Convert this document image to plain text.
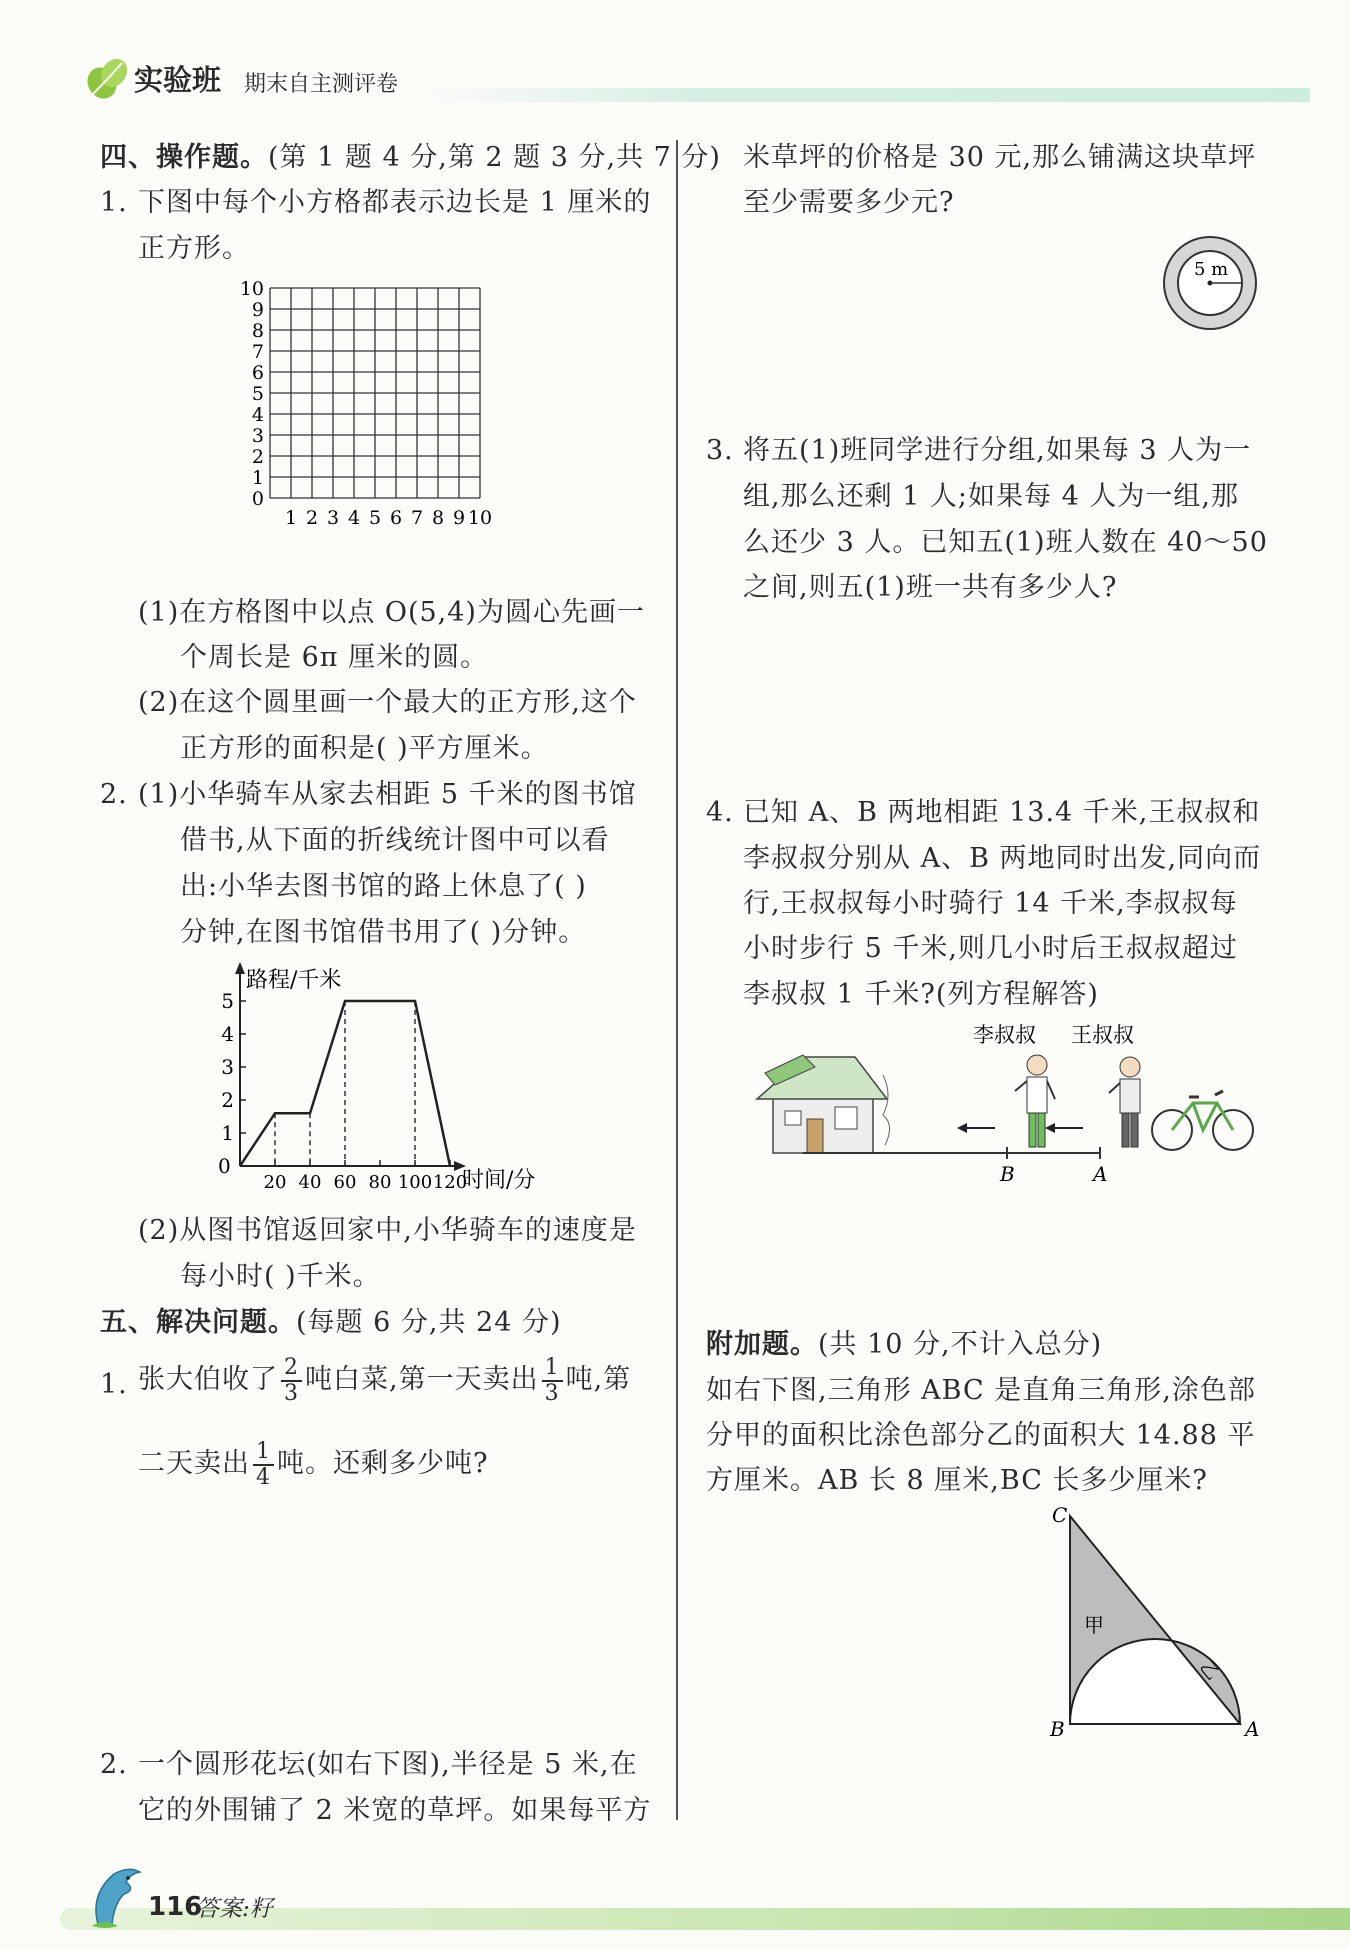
实验班 期末自主测评卷
四、操作题。(第 1 题 4 分,第 2 题 3 分,共 7 分)
1. 下图中每个小方格都表示边长是 1 厘米的
正方形。
10
9
8
7
6
5
4
3
2
1
0
1 2 3 4 5 6 7 8 9 10
(1)在方格图中以点 O(5,4)为圆心先画一
个周长是 6π 厘米的圆。
(2)在这个圆里画一个最大的正方形,这个
正方形的面积是( )平方厘米。
2. (1)小华骑车从家去相距 5 千米的图书馆
借书,从下面的折线统计图中可以看
出:小华去图书馆的路上休息了( )
分钟,在图书馆借书用了( )分钟。
路程/千米
时间/分
0
1
2
3
4
5
20 40 60 80 100 120
(2)从图书馆返回家中,小华骑车的速度是
每小时( )千米。
五、解决问题。(每题 6 分,共 24 分)
1. 张大伯收了 $\frac{2}{3}$ 吨白菜,第一天卖出 $\frac{1}{3}$ 吨,第
二天卖出 $\frac{1}{4}$ 吨。还剩多少吨?
2. 一个圆形花坛(如右下图),半径是 5 米,在
它的外围铺了 2 米宽的草坪。如果每平方
米草坪的价格是 30 元,那么铺满这块草坪
至少需要多少元?
5 m
3. 将五(1)班同学进行分组,如果每 3 人为一
组,那么还剩 1 人;如果每 4 人为一组,那
么还少 3 人。已知五(1)班人数在 40～50
之间,则五(1)班一共有多少人?
4. 已知 A、B 两地相距 13.4 千米,王叔叔和
李叔叔分别从 A、B 两地同时出发,同向而
行,王叔叔每小时骑行 14 千米,李叔叔每
小时步行 5 千米,则几小时后王叔叔超过
李叔叔 1 千米?(列方程解答)
B	A
李叔叔 王叔叔
附加题。(共 10 分,不计入总分)
如右下图,三角形 ABC 是直角三角形,涂色部
分甲的面积比涂色部分乙的面积大 14.88 平
方厘米。AB 长 8 厘米,BC 长多少厘米?
C
B	A
甲
乙
116
答案:籽
